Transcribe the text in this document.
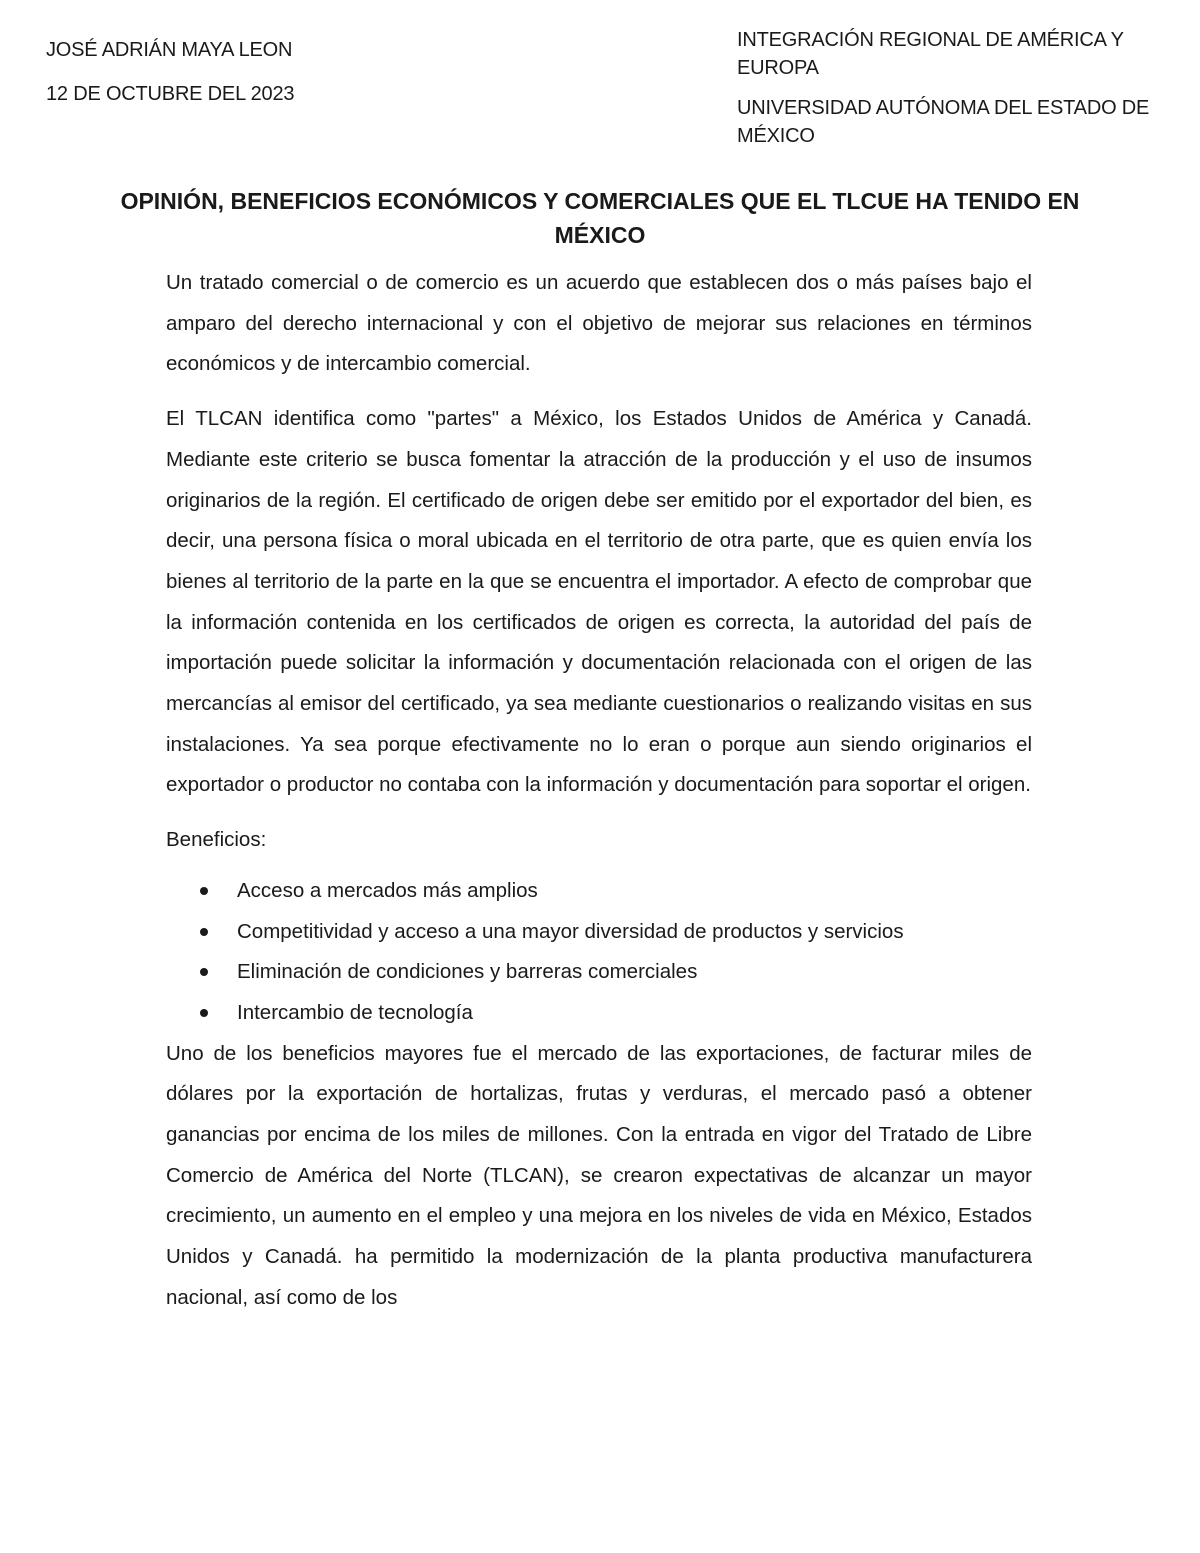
JOSÉ ADRIÁN MAYA LEON
12 DE OCTUBRE DEL 2023
INTEGRACIÓN REGIONAL DE AMÉRICA Y EUROPA
UNIVERSIDAD AUTÓNOMA DEL ESTADO DE MÉXICO
OPINIÓN, BENEFICIOS ECONÓMICOS Y COMERCIALES QUE EL TLCUE HA TENIDO EN MÉXICO

Un tratado comercial o de comercio es un acuerdo que establecen dos o más países bajo el amparo del derecho internacional y con el objetivo de mejorar sus relaciones en términos económicos y de intercambio comercial.

El TLCAN identifica como "partes" a México, los Estados Unidos de América y Canadá. Mediante este criterio se busca fomentar la atracción de la producción y el uso de insumos originarios de la región. El certificado de origen debe ser emitido por el exportador del bien, es decir, una persona física o moral ubicada en el territorio de otra parte, que es quien envía los bienes al territorio de la parte en la que se encuentra el importador. A efecto de comprobar que la información contenida en los certificados de origen es correcta, la autoridad del país de importación puede solicitar la información y documentación relacionada con el origen de las mercancías al emisor del certificado, ya sea mediante cuestionarios o realizando visitas en sus instalaciones. Ya sea porque efectivamente no lo eran o porque aun siendo originarios el exportador o productor no contaba con la información y documentación para soportar el origen.

Beneficios:

Acceso a mercados más amplios
Competitividad y acceso a una mayor diversidad de productos y servicios
Eliminación de condiciones y barreras comerciales
Intercambio de tecnología

Uno de los beneficios mayores fue el mercado de las exportaciones, de facturar miles de dólares por la exportación de hortalizas, frutas y verduras, el mercado pasó a obtener ganancias por encima de los miles de millones. Con la entrada en vigor del Tratado de Libre Comercio de América del Norte (TLCAN), se crearon expectativas de alcanzar un mayor crecimiento, un aumento en el empleo y una mejora en los niveles de vida en México, Estados Unidos y Canadá. ha permitido la modernización de la planta productiva manufacturera nacional, así como de los
